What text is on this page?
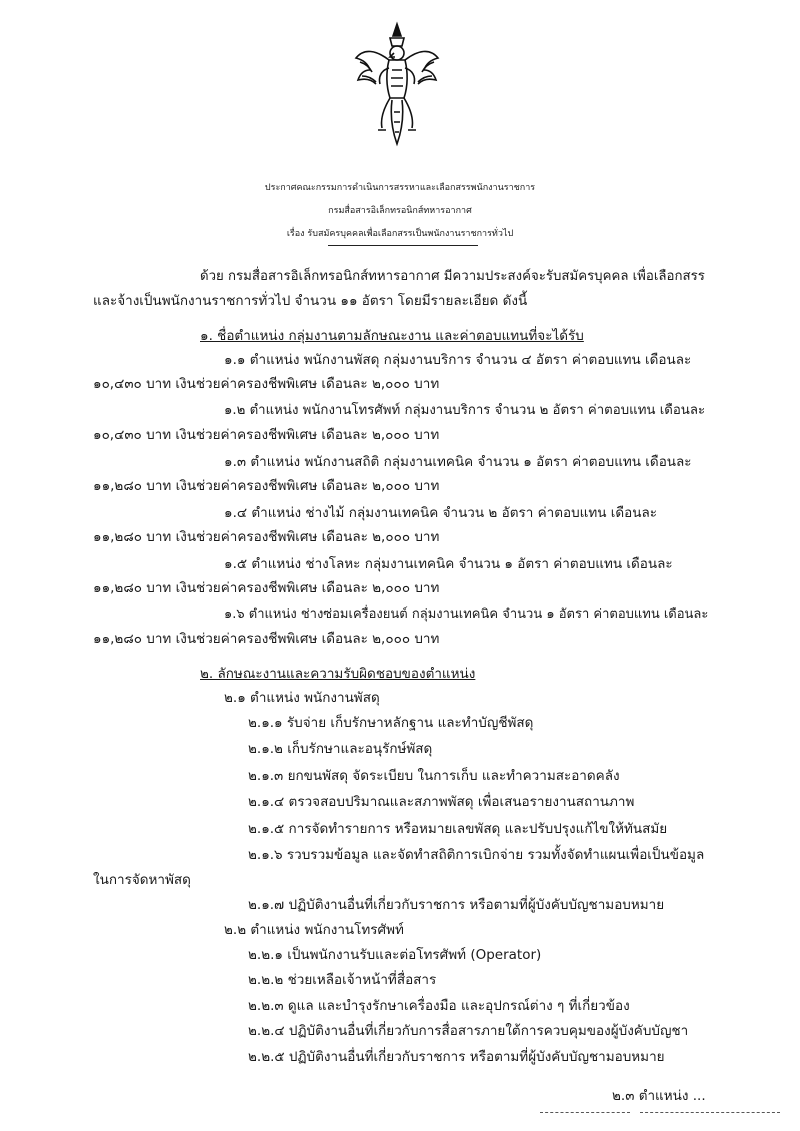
ประกาศคณะกรรมการดำเนินการสรรหาและเลือกสรรพนักงานราชการ
กรมสื่อสารอิเล็กทรอนิกส์ทหารอากาศ
เรื่อง รับสมัครบุคคลเพื่อเลือกสรรเป็นพนักงานราชการทั่วไป
ด้วย กรมสื่อสารอิเล็กทรอนิกส์ทหารอากาศ มีความประสงค์จะรับสมัครบุคคล เพื่อเลือกสรร
และจ้างเป็นพนักงานราชการทั่วไป จำนวน ๑๑ อัตรา โดยมีรายละเอียด ดังนี้
๑. ชื่อตำแหน่ง กลุ่มงานตามลักษณะงาน และค่าตอบแทนที่จะได้รับ
๑.๑ ตำแหน่ง พนักงานพัสดุ กลุ่มงานบริการ จำนวน ๔ อัตรา ค่าตอบแทน เดือนละ
๑๐,๔๓๐ บาท เงินช่วยค่าครองชีพพิเศษ เดือนละ ๒,๐๐๐ บาท
๑.๒ ตำแหน่ง พนักงานโทรศัพท์ กลุ่มงานบริการ จำนวน ๒ อัตรา ค่าตอบแทน เดือนละ
๑๐,๔๓๐ บาท เงินช่วยค่าครองชีพพิเศษ เดือนละ ๒,๐๐๐ บาท
๑.๓ ตำแหน่ง พนักงานสถิติ กลุ่มงานเทคนิค จำนวน ๑ อัตรา ค่าตอบแทน เดือนละ
๑๑,๒๘๐ บาท เงินช่วยค่าครองชีพพิเศษ เดือนละ ๒,๐๐๐ บาท
๑.๔ ตำแหน่ง ช่างไม้ กลุ่มงานเทคนิค จำนวน ๒ อัตรา ค่าตอบแทน เดือนละ
๑๑,๒๘๐ บาท เงินช่วยค่าครองชีพพิเศษ เดือนละ ๒,๐๐๐ บาท
๑.๕ ตำแหน่ง ช่างโลหะ กลุ่มงานเทคนิค จำนวน ๑ อัตรา ค่าตอบแทน เดือนละ
๑๑,๒๘๐ บาท เงินช่วยค่าครองชีพพิเศษ เดือนละ ๒,๐๐๐ บาท
๑.๖ ตำแหน่ง ช่างซ่อมเครื่องยนต์ กลุ่มงานเทคนิค จำนวน ๑ อัตรา ค่าตอบแทน เดือนละ
๑๑,๒๘๐ บาท เงินช่วยค่าครองชีพพิเศษ เดือนละ ๒,๐๐๐ บาท
๒. ลักษณะงานและความรับผิดชอบของตำแหน่ง
๒.๑ ตำแหน่ง พนักงานพัสดุ
๒.๑.๑ รับจ่าย เก็บรักษาหลักฐาน และทำบัญชีพัสดุ
๒.๑.๒ เก็บรักษาและอนุรักษ์พัสดุ
๒.๑.๓ ยกขนพัสดุ จัดระเบียบ ในการเก็บ และทำความสะอาดคลัง
๒.๑.๔ ตรวจสอบปริมาณและสภาพพัสดุ เพื่อเสนอรายงานสถานภาพ
๒.๑.๕ การจัดทำรายการ หรือหมายเลขพัสดุ และปรับปรุงแก้ไขให้ทันสมัย
๒.๑.๖ รวบรวมข้อมูล และจัดทำสถิติการเบิกจ่าย รวมทั้งจัดทำแผนเพื่อเป็นข้อมูล
ในการจัดหาพัสดุ
๒.๑.๗ ปฏิบัติงานอื่นที่เกี่ยวกับราชการ หรือตามที่ผู้บังคับบัญชามอบหมาย
๒.๒ ตำแหน่ง พนักงานโทรศัพท์
๒.๒.๑ เป็นพนักงานรับและต่อโทรศัพท์ (Operator)
๒.๒.๒ ช่วยเหลือเจ้าหน้าที่สื่อสาร
๒.๒.๓ ดูแล และบำรุงรักษาเครื่องมือ และอุปกรณ์ต่าง ๆ ที่เกี่ยวข้อง
๒.๒.๔ ปฏิบัติงานอื่นที่เกี่ยวกับการสื่อสารภายใต้การควบคุมของผู้บังคับบัญชา
๒.๒.๕ ปฏิบัติงานอื่นที่เกี่ยวกับราชการ หรือตามที่ผู้บังคับบัญชามอบหมาย
๒.๓ ตำแหน่ง ...
